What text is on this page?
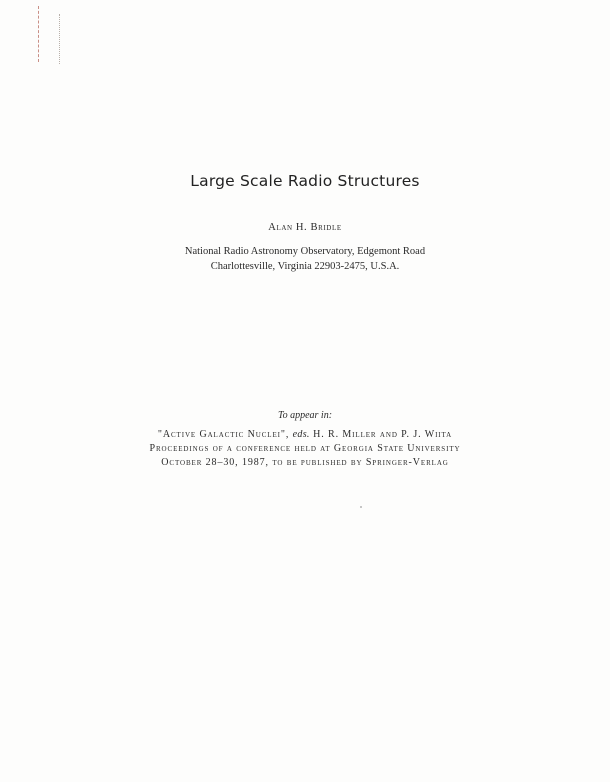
Large Scale Radio Structures
Alan H. Bridle
National Radio Astronomy Observatory, Edgemont Road
Charlottesville, Virginia 22903-2475, U.S.A.
To appear in:
"Active Galactic Nuclei", eds. H. R. Miller and P. J. Wiita
Proceedings of a conference held at Georgia State University
October 28–30, 1987, to be published by Springer-Verlag
